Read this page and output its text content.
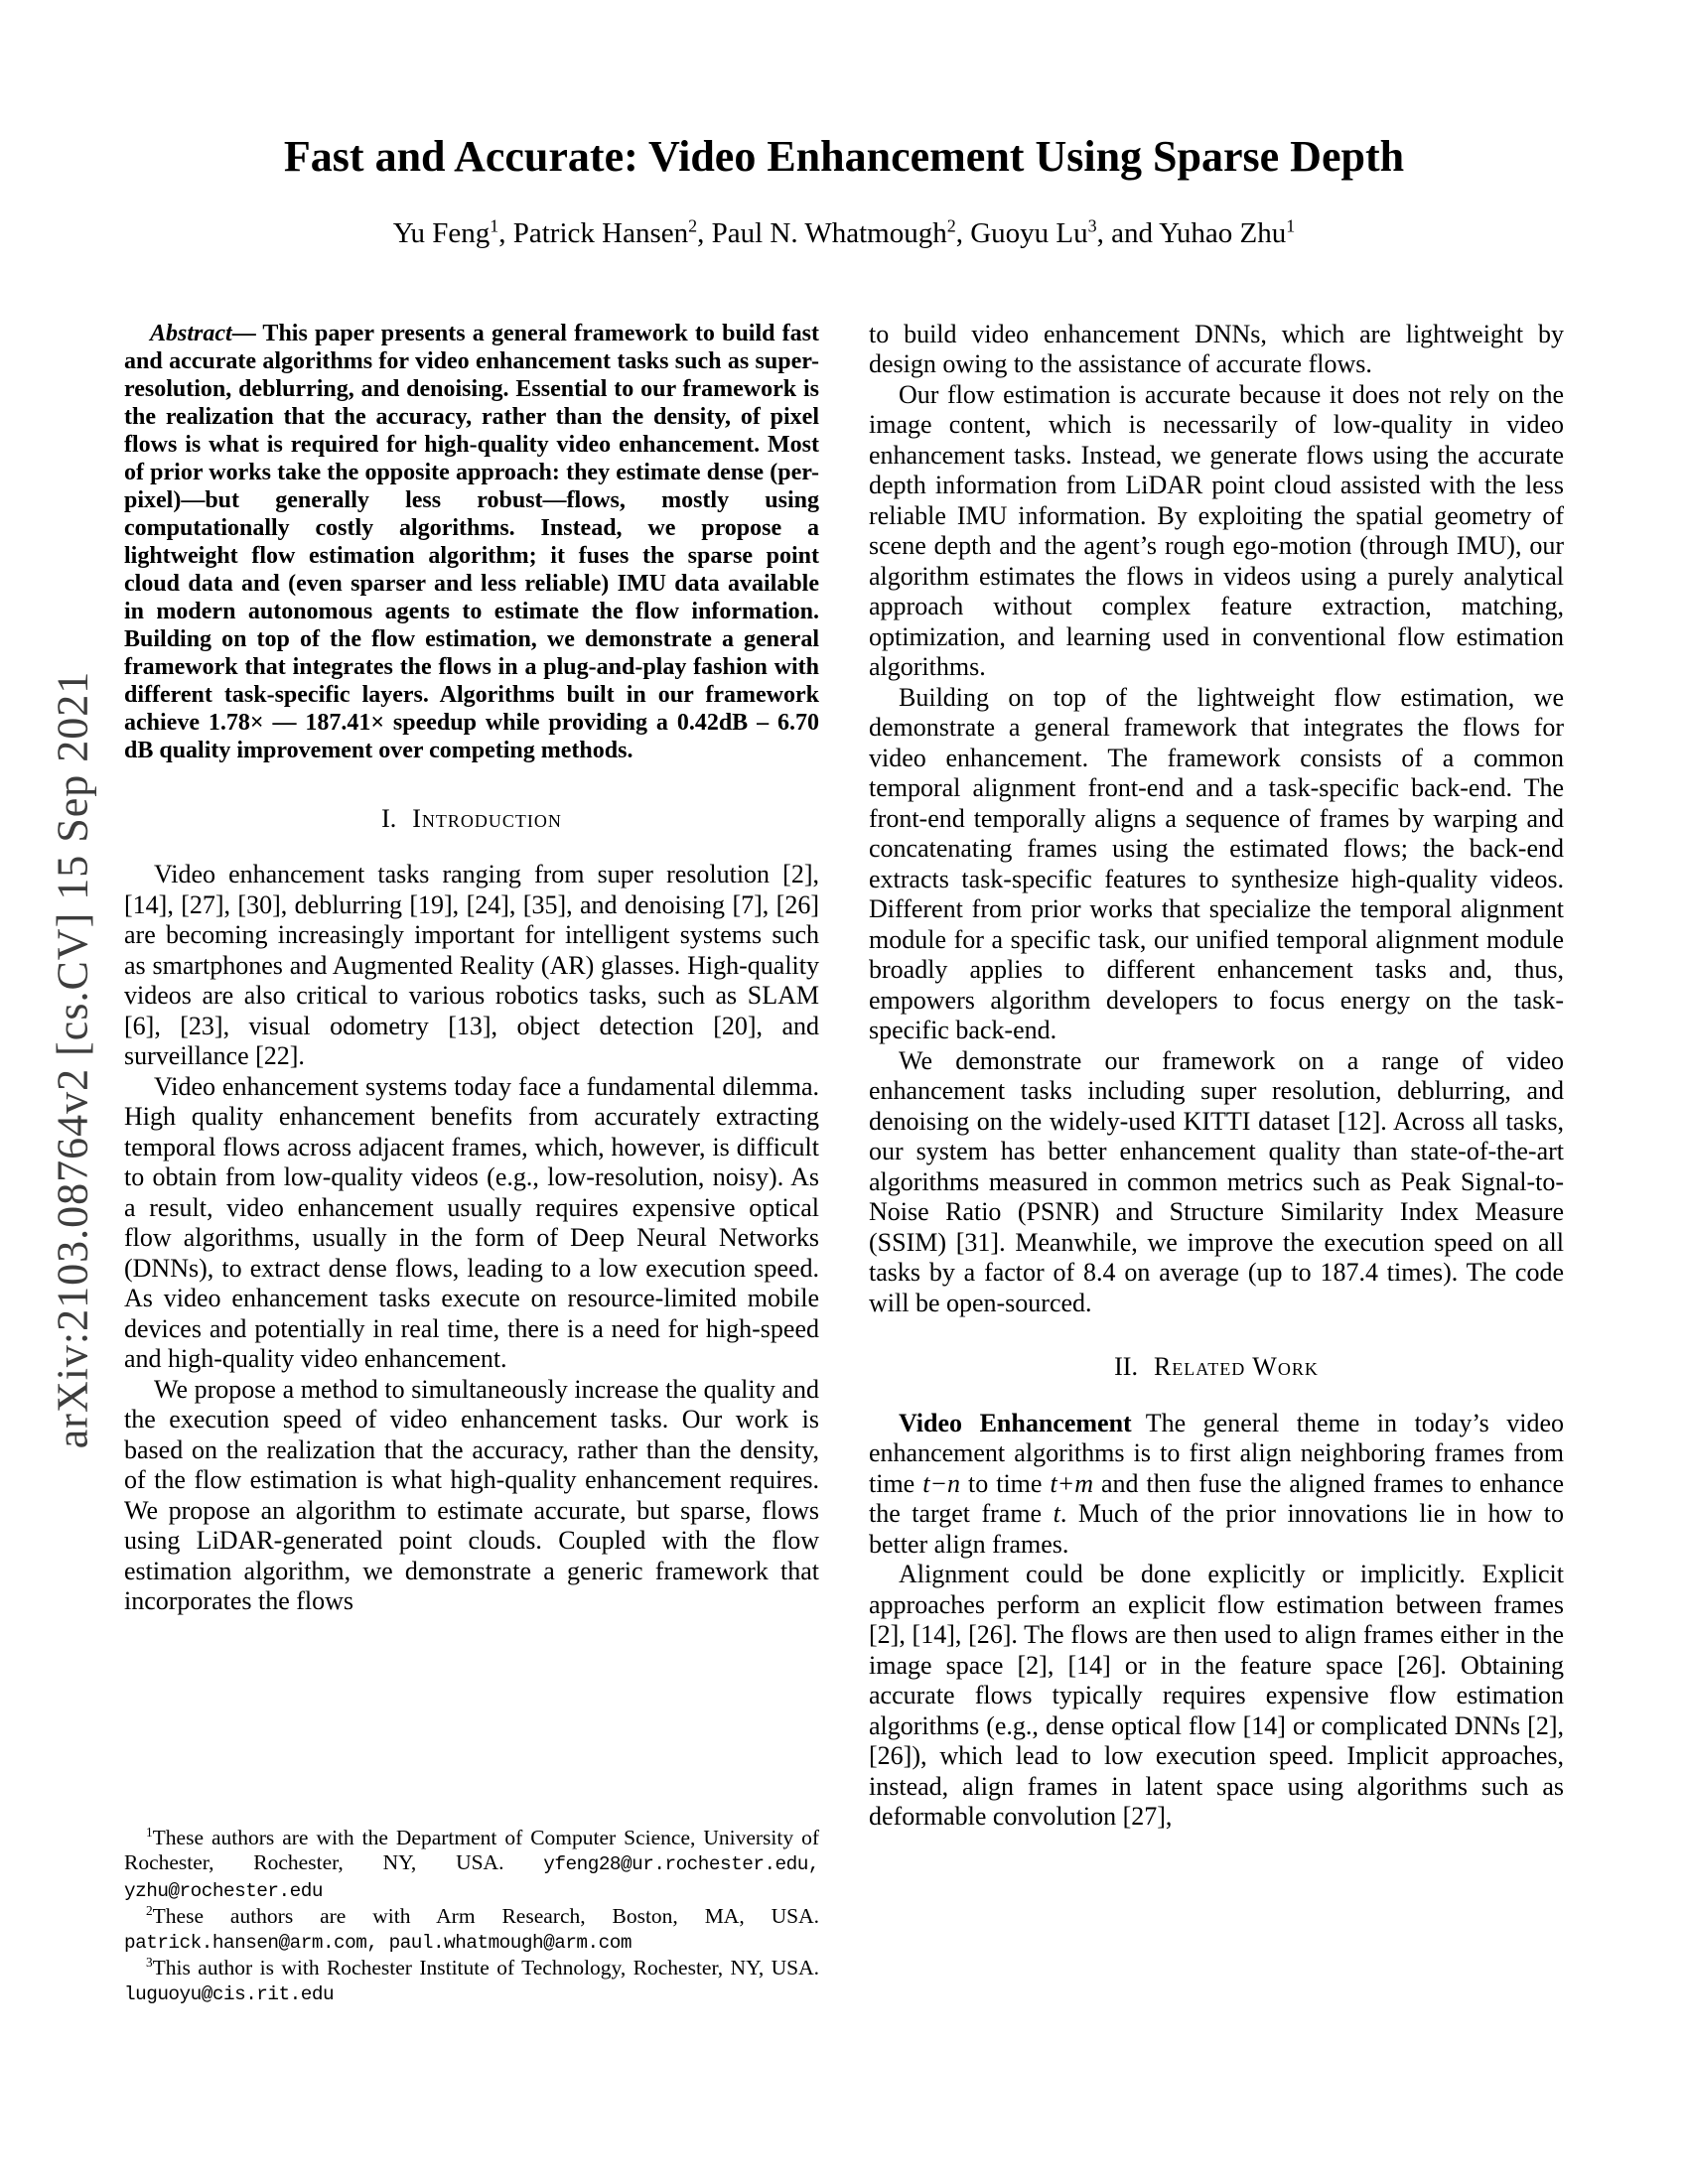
arXiv:2103.08764v2 [cs.CV] 15 Sep 2021
Fast and Accurate: Video Enhancement Using Sparse Depth
Yu Feng$^1$, Patrick Hansen$^2$, Paul N. Whatmough$^2$, Guoyu Lu$^3$, and Yuhao Zhu$^1$

Abstract— This paper presents a general framework to build fast and accurate algorithms for video enhancement tasks such as super-resolution, deblurring, and denoising. Essential to our framework is the realization that the accuracy, rather than the density, of pixel flows is what is required for high-quality video enhancement. Most of prior works take the opposite approach: they estimate dense (per-pixel)—but generally less robust—flows, mostly using computationally costly algorithms. Instead, we propose a lightweight flow estimation algorithm; it fuses the sparse point cloud data and (even sparser and less reliable) IMU data available in modern autonomous agents to estimate the flow information. Building on top of the flow estimation, we demonstrate a general framework that integrates the flows in a plug-and-play fashion with different task-specific layers. Algorithms built in our framework achieve 1.78× — 187.41× speedup while providing a 0.42dB – 6.70 dB quality improvement over competing methods.

I. Introduction

Video enhancement tasks ranging from super resolution [2], [14], [27], [30], deblurring [19], [24], [35], and denoising [7], [26] are becoming increasingly important for intelligent systems such as smartphones and Augmented Reality (AR) glasses. High-quality videos are also critical to various robotics tasks, such as SLAM [6], [23], visual odometry [13], object detection [20], and surveillance [22].

Video enhancement systems today face a fundamental dilemma. High quality enhancement benefits from accurately extracting temporal flows across adjacent frames, which, however, is difficult to obtain from low-quality videos (e.g., low-resolution, noisy). As a result, video enhancement usually requires expensive optical flow algorithms, usually in the form of Deep Neural Networks (DNNs), to extract dense flows, leading to a low execution speed. As video enhancement tasks execute on resource-limited mobile devices and potentially in real time, there is a need for high-speed and high-quality video enhancement.

We propose a method to simultaneously increase the quality and the execution speed of video enhancement tasks. Our work is based on the realization that the accuracy, rather than the density, of the flow estimation is what high-quality enhancement requires. We propose an algorithm to estimate accurate, but sparse, flows using LiDAR-generated point clouds. Coupled with the flow estimation algorithm, we demonstrate a generic framework that incorporates the flows

$^1$These authors are with the Department of Computer Science, University of Rochester, Rochester, NY, USA. yfeng28@ur.rochester.edu, yzhu@rochester.edu

$^2$These authors are with Arm Research, Boston, MA, USA. patrick.hansen@arm.com, paul.whatmough@arm.com

$^3$This author is with Rochester Institute of Technology, Rochester, NY, USA. luguoyu@cis.rit.edu

to build video enhancement DNNs, which are lightweight by design owing to the assistance of accurate flows.

Our flow estimation is accurate because it does not rely on the image content, which is necessarily of low-quality in video enhancement tasks. Instead, we generate flows using the accurate depth information from LiDAR point cloud assisted with the less reliable IMU information. By exploiting the spatial geometry of scene depth and the agent’s rough ego-motion (through IMU), our algorithm estimates the flows in videos using a purely analytical approach without complex feature extraction, matching, optimization, and learning used in conventional flow estimation algorithms.

Building on top of the lightweight flow estimation, we demonstrate a general framework that integrates the flows for video enhancement. The framework consists of a common temporal alignment front-end and a task-specific back-end. The front-end temporally aligns a sequence of frames by warping and concatenating frames using the estimated flows; the back-end extracts task-specific features to synthesize high-quality videos. Different from prior works that specialize the temporal alignment module for a specific task, our unified temporal alignment module broadly applies to different enhancement tasks and, thus, empowers algorithm developers to focus energy on the task-specific back-end.

We demonstrate our framework on a range of video enhancement tasks including super resolution, deblurring, and denoising on the widely-used KITTI dataset [12]. Across all tasks, our system has better enhancement quality than state-of-the-art algorithms measured in common metrics such as Peak Signal-to-Noise Ratio (PSNR) and Structure Similarity Index Measure (SSIM) [31]. Meanwhile, we improve the execution speed on all tasks by a factor of 8.4 on average (up to 187.4 times). The code will be open-sourced.

II. Related Work

Video Enhancement The general theme in today’s video enhancement algorithms is to first align neighboring frames from time t−n to time t+m and then fuse the aligned frames to enhance the target frame t. Much of the prior innovations lie in how to better align frames.

Alignment could be done explicitly or implicitly. Explicit approaches perform an explicit flow estimation between frames [2], [14], [26]. The flows are then used to align frames either in the image space [2], [14] or in the feature space [26]. Obtaining accurate flows typically requires expensive flow estimation algorithms (e.g., dense optical flow [14] or complicated DNNs [2], [26]), which lead to low execution speed. Implicit approaches, instead, align frames in latent space using algorithms such as deformable convolution [27],
